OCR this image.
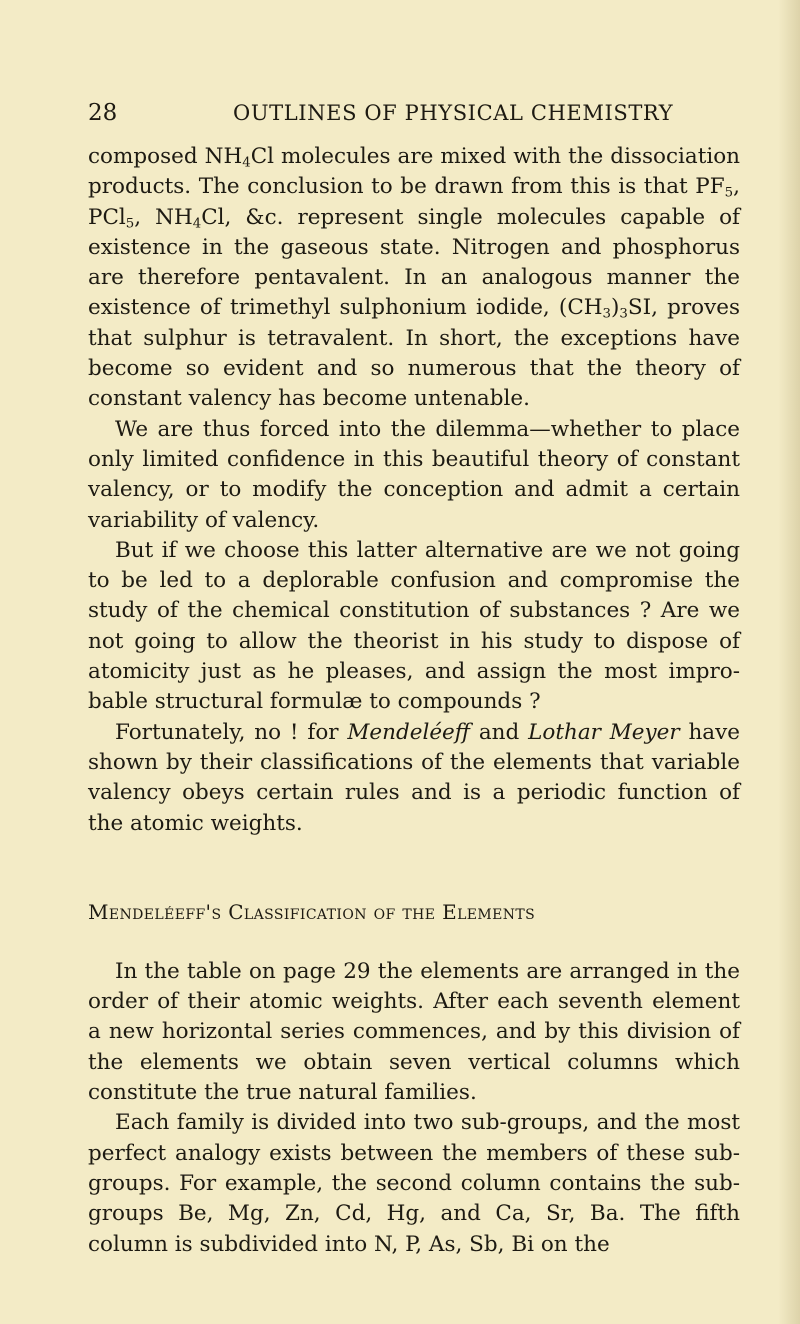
28	OUTLINES OF PHYSICAL CHEMISTRY

composed $NH_4Cl$ molecules are mixed with the dissociation products. The conclusion to be drawn from this is that $PF_5$, PCl$_5$, $NH_4Cl$, &c. represent single molecules capable of existence in the gaseous state. Nitrogen and phosphorus are therefore pentavalent. In an analogous manner the existence of trimethyl sulphonium iodide, $(CH_3)_3SI$, proves that sulphur is tetravalent. In short, the exceptions have become so evident and so numerous that the theory of constant valency has become untenable.

We are thus forced into the dilemma—whether to place only limited confidence in this beautiful theory of constant valency, or to modify the conception and admit a certain variability of valency.

But if we choose this latter alternative are we not going to be led to a deplorable confusion and compromise the study of the chemical constitution of substances ? Are we not going to allow the theorist in his study to dispose of atomicity just as he pleases, and assign the most improbable structural formulæ to compounds ?

Fortunately, no ! for Mendeléeff and Lothar Meyer have shown by their classifications of the elements that variable valency obeys certain rules and is a periodic function of the atomic weights.

Mendeléeff's Classification of the Elements

In the table on page 29 the elements are arranged in the order of their atomic weights. After each seventh element a new horizontal series commences, and by this division of the elements we obtain seven vertical columns which constitute the true natural families.

Each family is divided into two sub-groups, and the most perfect analogy exists between the members of these sub-groups. For example, the second column contains the sub-groups Be, Mg, Zn, Cd, Hg, and Ca, Sr, Ba. The fifth column is subdivided into N, P, As, Sb, Bi on the
